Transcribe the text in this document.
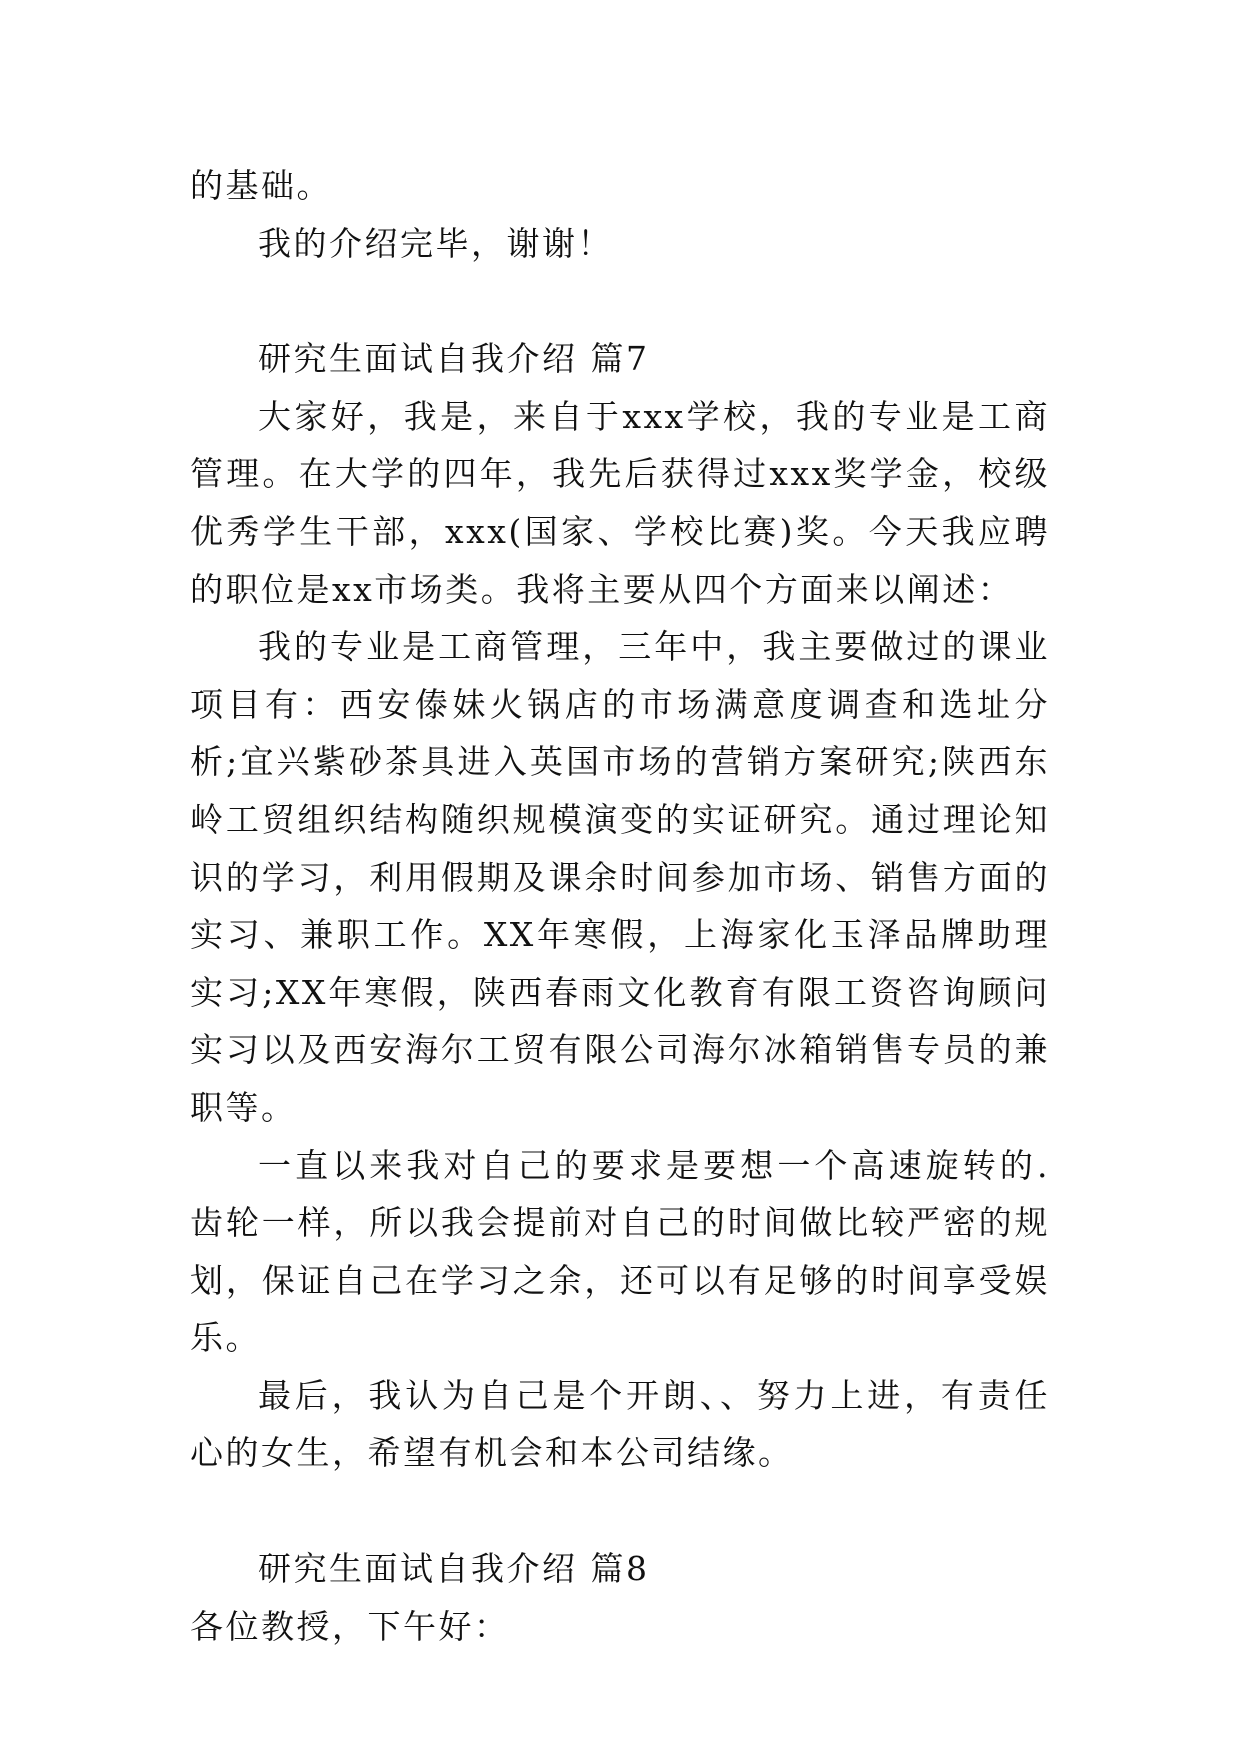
的基础。

我的介绍完毕，谢谢！

研究生面试自我介绍 篇7

大家好，我是，来自于xxx学校，我的专业是工商管理。在大学的四年，我先后获得过xxx奖学金，校级优秀学生干部，xxx(国家、学校比赛)奖。今天我应聘的职位是xx市场类。我将主要从四个方面来以阐述：

我的专业是工商管理，三年中，我主要做过的课业项目有：西安傣妹火锅店的市场满意度调查和选址分析;宜兴紫砂茶具进入英国市场的营销方案研究;陕西东岭工贸组织结构随织规模演变的实证研究。通过理论知识的学习，利用假期及课余时间参加市场、销售方面的实习、兼职工作。XX年寒假，上海家化玉泽品牌助理实习;XX年寒假，陕西春雨文化教育有限工资咨询顾问实习以及西安海尔工贸有限公司海尔冰箱销售专员的兼职等。

一直以来我对自己的要求是要想一个高速旋转的.齿轮一样，所以我会提前对自己的时间做比较严密的规划，保证自己在学习之余，还可以有足够的时间享受娱乐。

最后，我认为自己是个开朗、、努力上进，有责任心的女生，希望有机会和本公司结缘。

研究生面试自我介绍 篇8

各位教授，下午好：
